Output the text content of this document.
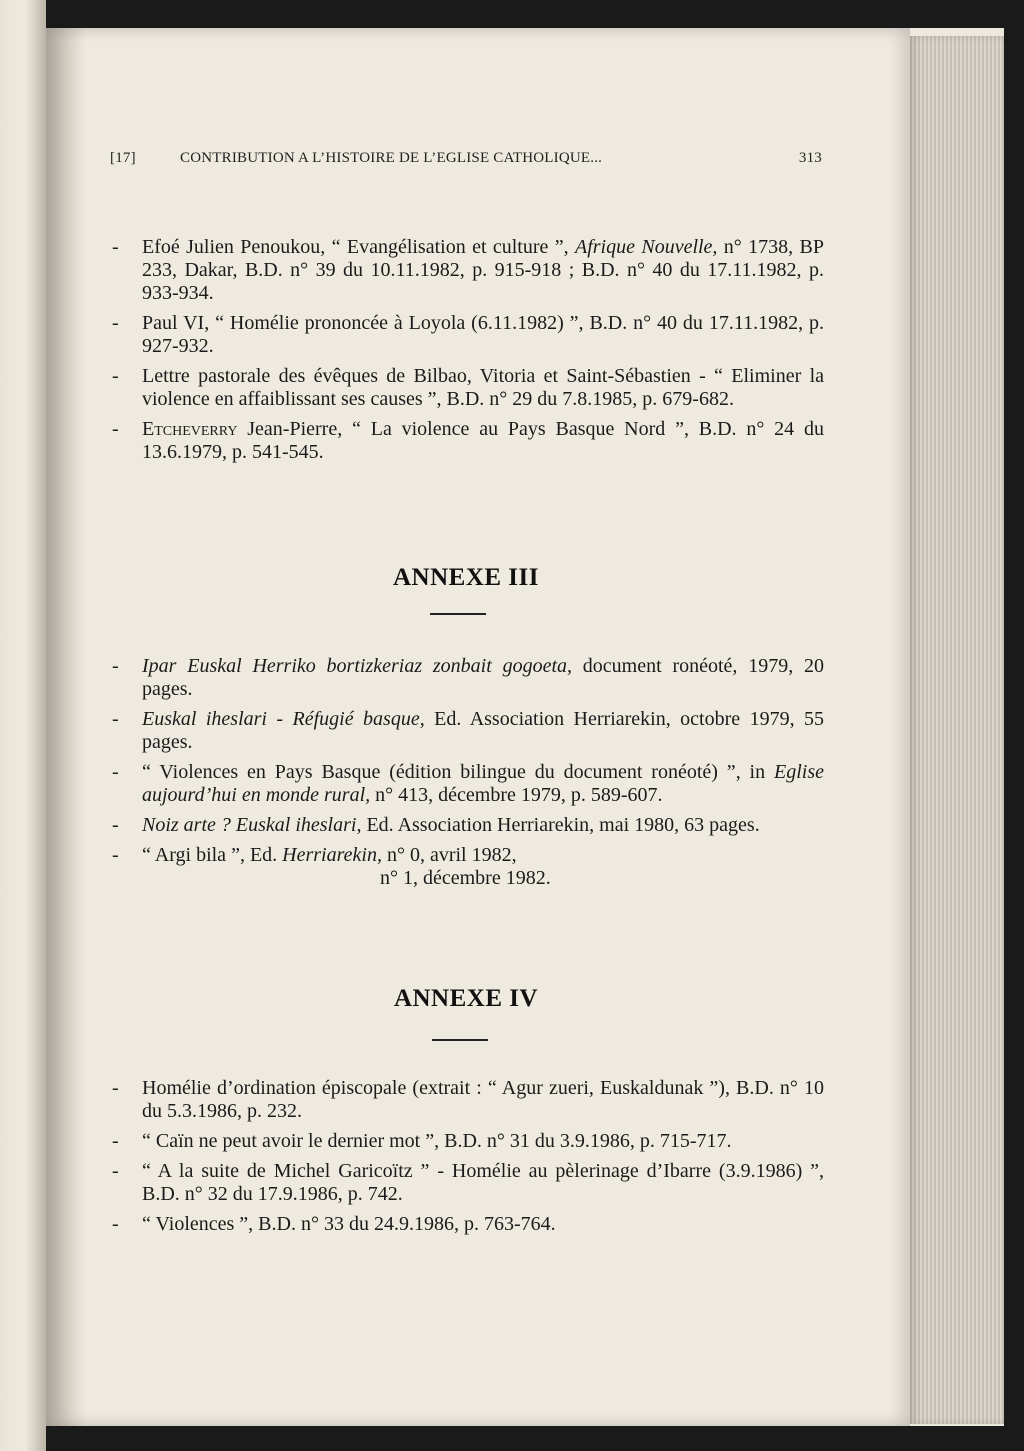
[17]	CONTRIBUTION A L’HISTOIRE DE L’EGLISE CATHOLIQUE...	313
- Efoé Julien Penoukou, “ Evangélisation et culture ”, Afrique Nouvelle, n° 1738, BP 233, Dakar, B.D. n° 39 du 10.11.1982, p. 915-918 ; B.D. n° 40 du 17.11.1982, p. 933-934.
- Paul VI, “ Homélie prononcée à Loyola (6.11.1982) ”, B.D. n° 40 du 17.11.1982, p. 927-932.
- Lettre pastorale des évêques de Bilbao, Vitoria et Saint-Sébastien - “ Eliminer la violence en affaiblissant ses causes ”, B.D. n° 29 du 7.8.1985, p. 679-682.
- Etcheverry Jean-Pierre, “ La violence au Pays Basque Nord ”, B.D. n° 24 du 13.6.1979, p. 541-545.
ANNEXE III
- Ipar Euskal Herriko bortizkeriaz zonbait gogoeta, document ronéoté, 1979, 20 pages.
- Euskal iheslari - Réfugié basque, Ed. Association Herriarekin, octobre 1979, 55 pages.
- “ Violences en Pays Basque (édition bilingue du document ronéoté) ”, in Eglise aujourd’hui en monde rural, n° 413, décembre 1979, p. 589-607.
- Noiz arte ? Euskal iheslari, Ed. Association Herriarekin, mai 1980, 63 pages.
- “ Argi bila ”, Ed. Herriarekin, n° 0, avril 1982,
n° 1, décembre 1982.
ANNEXE IV
- Homélie d’ordination épiscopale (extrait : “ Agur zueri, Euskaldunak ”), B.D. n° 10 du 5.3.1986, p. 232.
- “ Caïn ne peut avoir le dernier mot ”, B.D. n° 31 du 3.9.1986, p. 715-717.
- “ A la suite de Michel Garicoïtz ” - Homélie au pèlerinage d’Ibarre (3.9.1986) ”, B.D. n° 32 du 17.9.1986, p. 742.
- “ Violences ”, B.D. n° 33 du 24.9.1986, p. 763-764.
